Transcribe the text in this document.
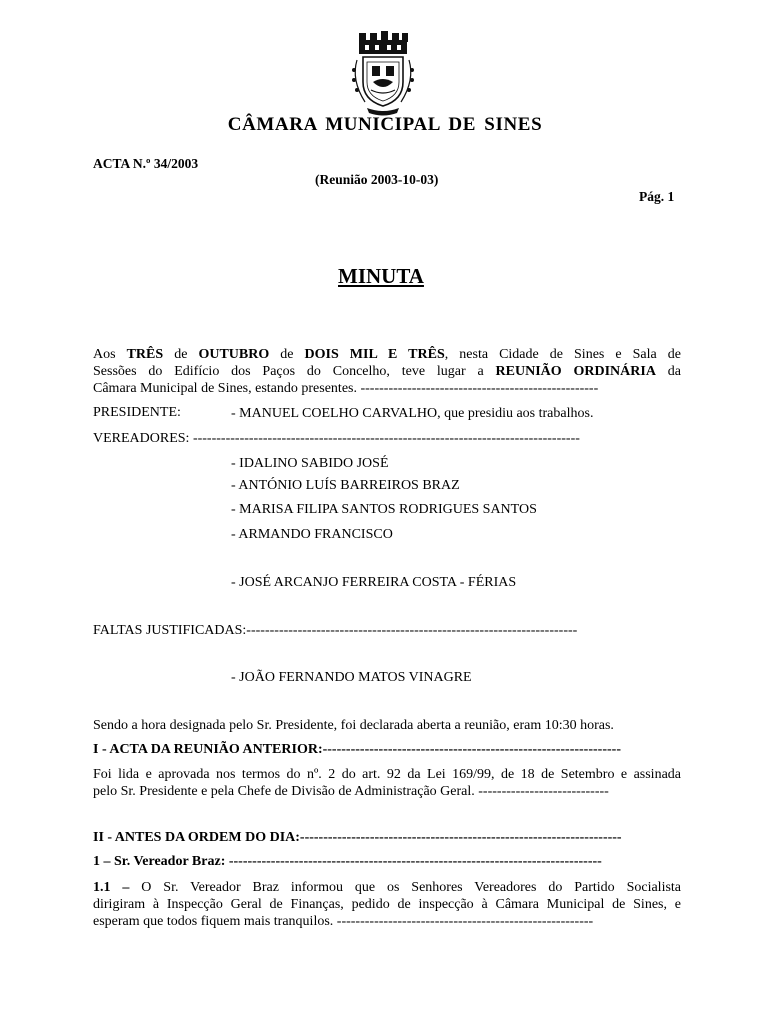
CÂMARA MUNICIPAL DE SINES
ACTA N.º 34/2003
(Reunião 2003-10-03)
Pág. 1
MINUTA
Aos TRÊS de OUTUBRO de DOIS MIL E TRÊS, nesta Cidade de Sines e Sala de
Sessões do Edifício dos Paços do Concelho, teve lugar a REUNIÃO ORDINÁRIA da
Câmara Municipal de Sines, estando presentes. ---------------------------------------------------
PRESIDENTE:	- MANUEL COELHO CARVALHO, que presidiu aos trabalhos.
VEREADORES: -----------------------------------------------------------------------------------
- IDALINO SABIDO JOSÉ
- ANTÓNIO LUÍS BARREIROS BRAZ
- MARISA FILIPA SANTOS RODRIGUES SANTOS
- ARMANDO FRANCISCO
- JOSÉ ARCANJO FERREIRA COSTA - FÉRIAS
FALTAS JUSTIFICADAS:-----------------------------------------------------------------------
- JOÃO FERNANDO MATOS VINAGRE
Sendo a hora designada pelo Sr. Presidente, foi declarada aberta a reunião, eram 10:30 horas.
I - ACTA DA REUNIÃO ANTERIOR:----------------------------------------------------------------
Foi lida e aprovada nos termos do nº. 2 do art. 92 da Lei 169/99, de 18 de Setembro e assinada
pelo Sr. Presidente e pela Chefe de Divisão de Administração Geral. ----------------------------
II - ANTES DA ORDEM DO DIA:---------------------------------------------------------------------
1 – Sr. Vereador Braz: --------------------------------------------------------------------------------
1.1 – O Sr. Vereador Braz informou que os Senhores Vereadores do Partido Socialista
dirigiram à Inspecção Geral de Finanças, pedido de inspecção à Câmara Municipal de Sines, e
esperam que todos fiquem mais tranquilos. -------------------------------------------------------
